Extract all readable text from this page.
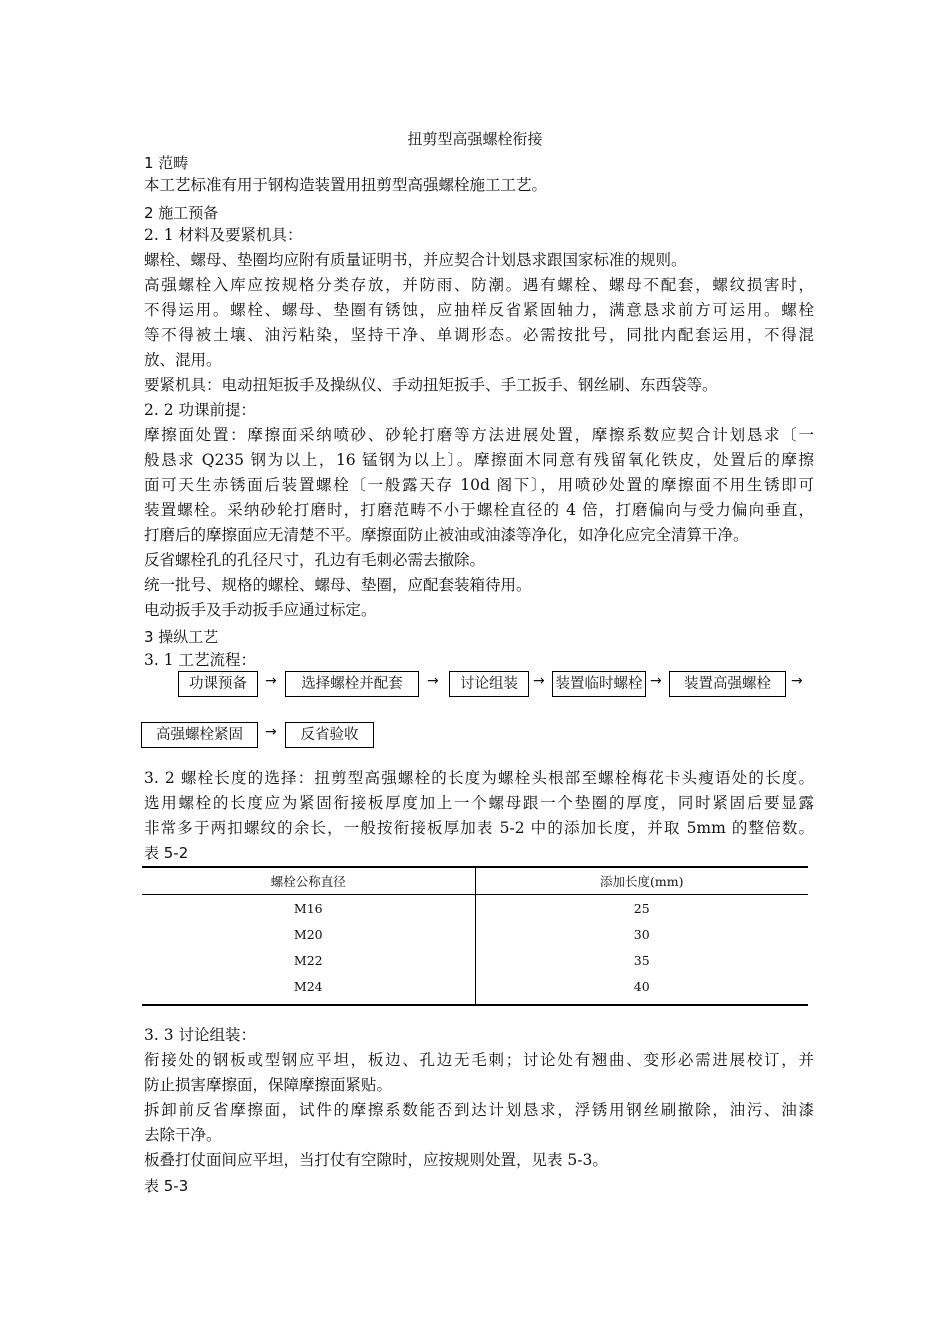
扭剪型高强螺栓衔接
1 范畴
本工艺标准有用于钢构造装置用扭剪型高强螺栓施工工艺。
2 施工预备
2. 1 材料及要紧机具：
螺栓、螺母、垫圈均应附有质量证明书，并应契合计划恳求跟国家标准的规则。
高强螺栓入库应按规格分类存放，并防雨、防潮。遇有螺栓、螺母不配套，螺纹损害时，
不得运用。螺栓、螺母、垫圈有锈蚀，应抽样反省紧固轴力，满意恳求前方可运用。螺栓
等不得被土壤、油污粘染，坚持干净、单调形态。必需按批号，同批内配套运用，不得混
放、混用。
要紧机具：电动扭矩扳手及操纵仪、手动扭矩扳手、手工扳手、钢丝刷、东西袋等。
2. 2 功课前提：
摩擦面处置：摩擦面采纳喷砂、砂轮打磨等方法进展处置，摩擦系数应契合计划恳求〔一
般恳求 Q235 钢为以上，16 锰钢为以上〕。摩擦面木同意有残留氧化铁皮，处置后的摩擦
面可天生赤锈面后装置螺栓〔一般露天存 10d 阁下〕，用喷砂处置的摩擦面不用生锈即可
装置螺栓。采纳砂轮打磨时，打磨范畴不小于螺栓直径的 4 倍，打磨偏向与受力偏向垂直，
打磨后的摩擦面应无清楚不平。摩擦面防止被油或油漆等净化，如净化应完全清算干净。
反省螺栓孔的孔径尺寸，孔边有毛刺必需去撤除。
统一批号、规格的螺栓、螺母、垫圈，应配套装箱待用。
电动扳手及手动扳手应通过标定。
3 操纵工艺
3. 1 工艺流程：
功课预备	→	选择螺栓并配套	→	讨论组装	→ 装置临时螺栓 →	装置高强螺栓	→
高强螺栓紧固	→	反省验收
3. 2 螺栓长度的选择：扭剪型高强螺栓的长度为螺栓头根部至螺栓梅花卡头瘦语处的长度。
选用螺栓的长度应为紧固衔接板厚度加上一个螺母跟一个垫圈的厚度，同时紧固后要显露
非常多于两扣螺纹的余长，一般按衔接板厚加表 5-2 中的添加长度，并取 5mm 的整倍数。
表 5-2
螺栓公称直径	添加长度(mm)
M16	25
M20	30
M22	35
M24	40
3. 3 讨论组装：
衔接处的钢板或型钢应平坦，板边、孔边无毛刺；讨论处有翘曲、变形必需进展校订，并
防止损害摩擦面，保障摩擦面紧贴。
拆卸前反省摩擦面，试件的摩擦系数能否到达计划恳求，浮锈用钢丝刷撤除，油污、油漆
去除干净。
板叠打仗面间应平坦，当打仗有空隙时，应按规则处置，见表 5-3。
表 5-3
